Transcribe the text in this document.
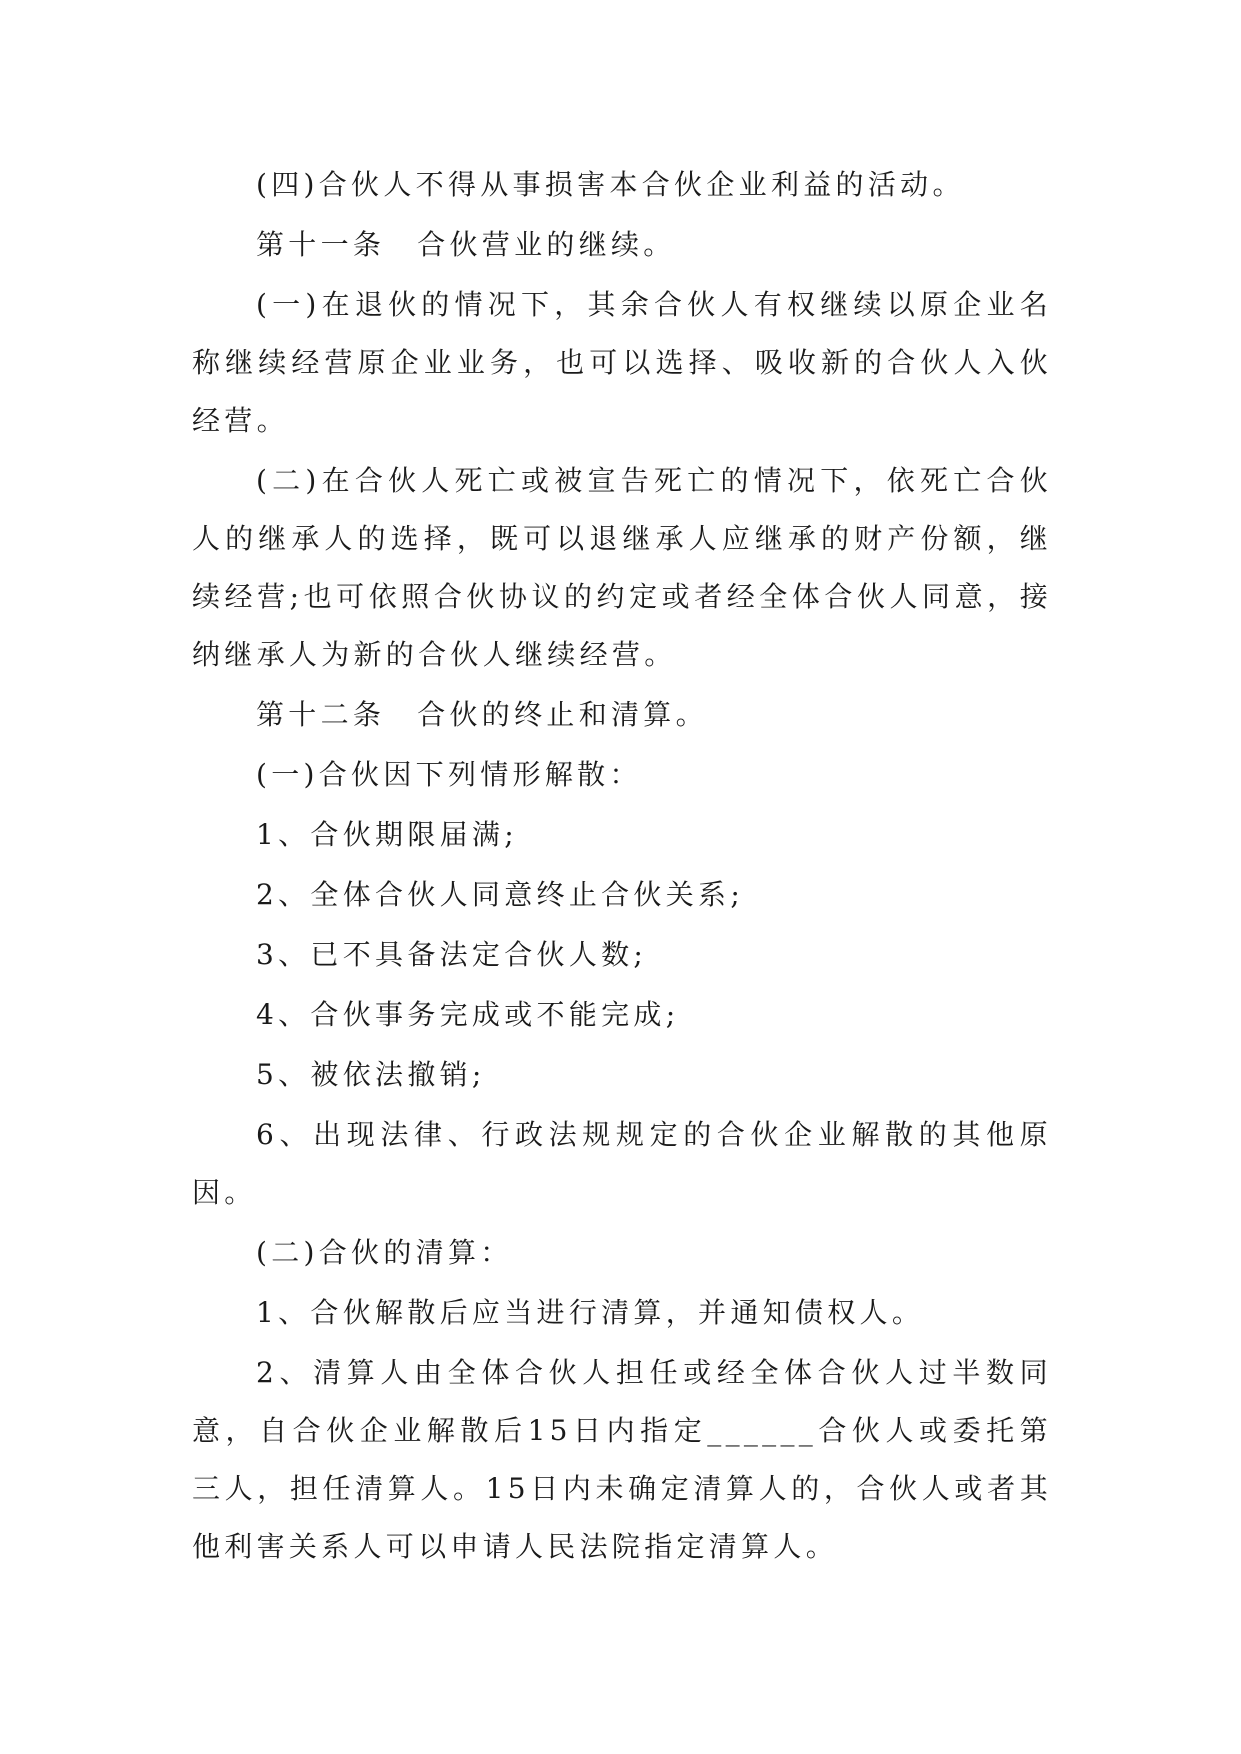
(四)合伙人不得从事损害本合伙企业利益的活动。

第十一条 合伙营业的继续。

(一)在退伙的情况下，其余合伙人有权继续以原企业名称继续经营原企业业务，也可以选择、吸收新的合伙人入伙经营。

(二)在合伙人死亡或被宣告死亡的情况下，依死亡合伙人的继承人的选择，既可以退继承人应继承的财产份额，继续经营;也可依照合伙协议的约定或者经全体合伙人同意，接纳继承人为新的合伙人继续经营。

第十二条 合伙的终止和清算。

(一)合伙因下列情形解散：

1、合伙期限届满;

2、全体合伙人同意终止合伙关系;

3、已不具备法定合伙人数;

4、合伙事务完成或不能完成;

5、被依法撤销;

6、出现法律、行政法规规定的合伙企业解散的其他原因。

(二)合伙的清算：

1、合伙解散后应当进行清算，并通知债权人。

2、清算人由全体合伙人担任或经全体合伙人过半数同意，自合伙企业解散后15日内指定______合伙人或委托第三人，担任清算人。15日内未确定清算人的，合伙人或者其他利害关系人可以申请人民法院指定清算人。
